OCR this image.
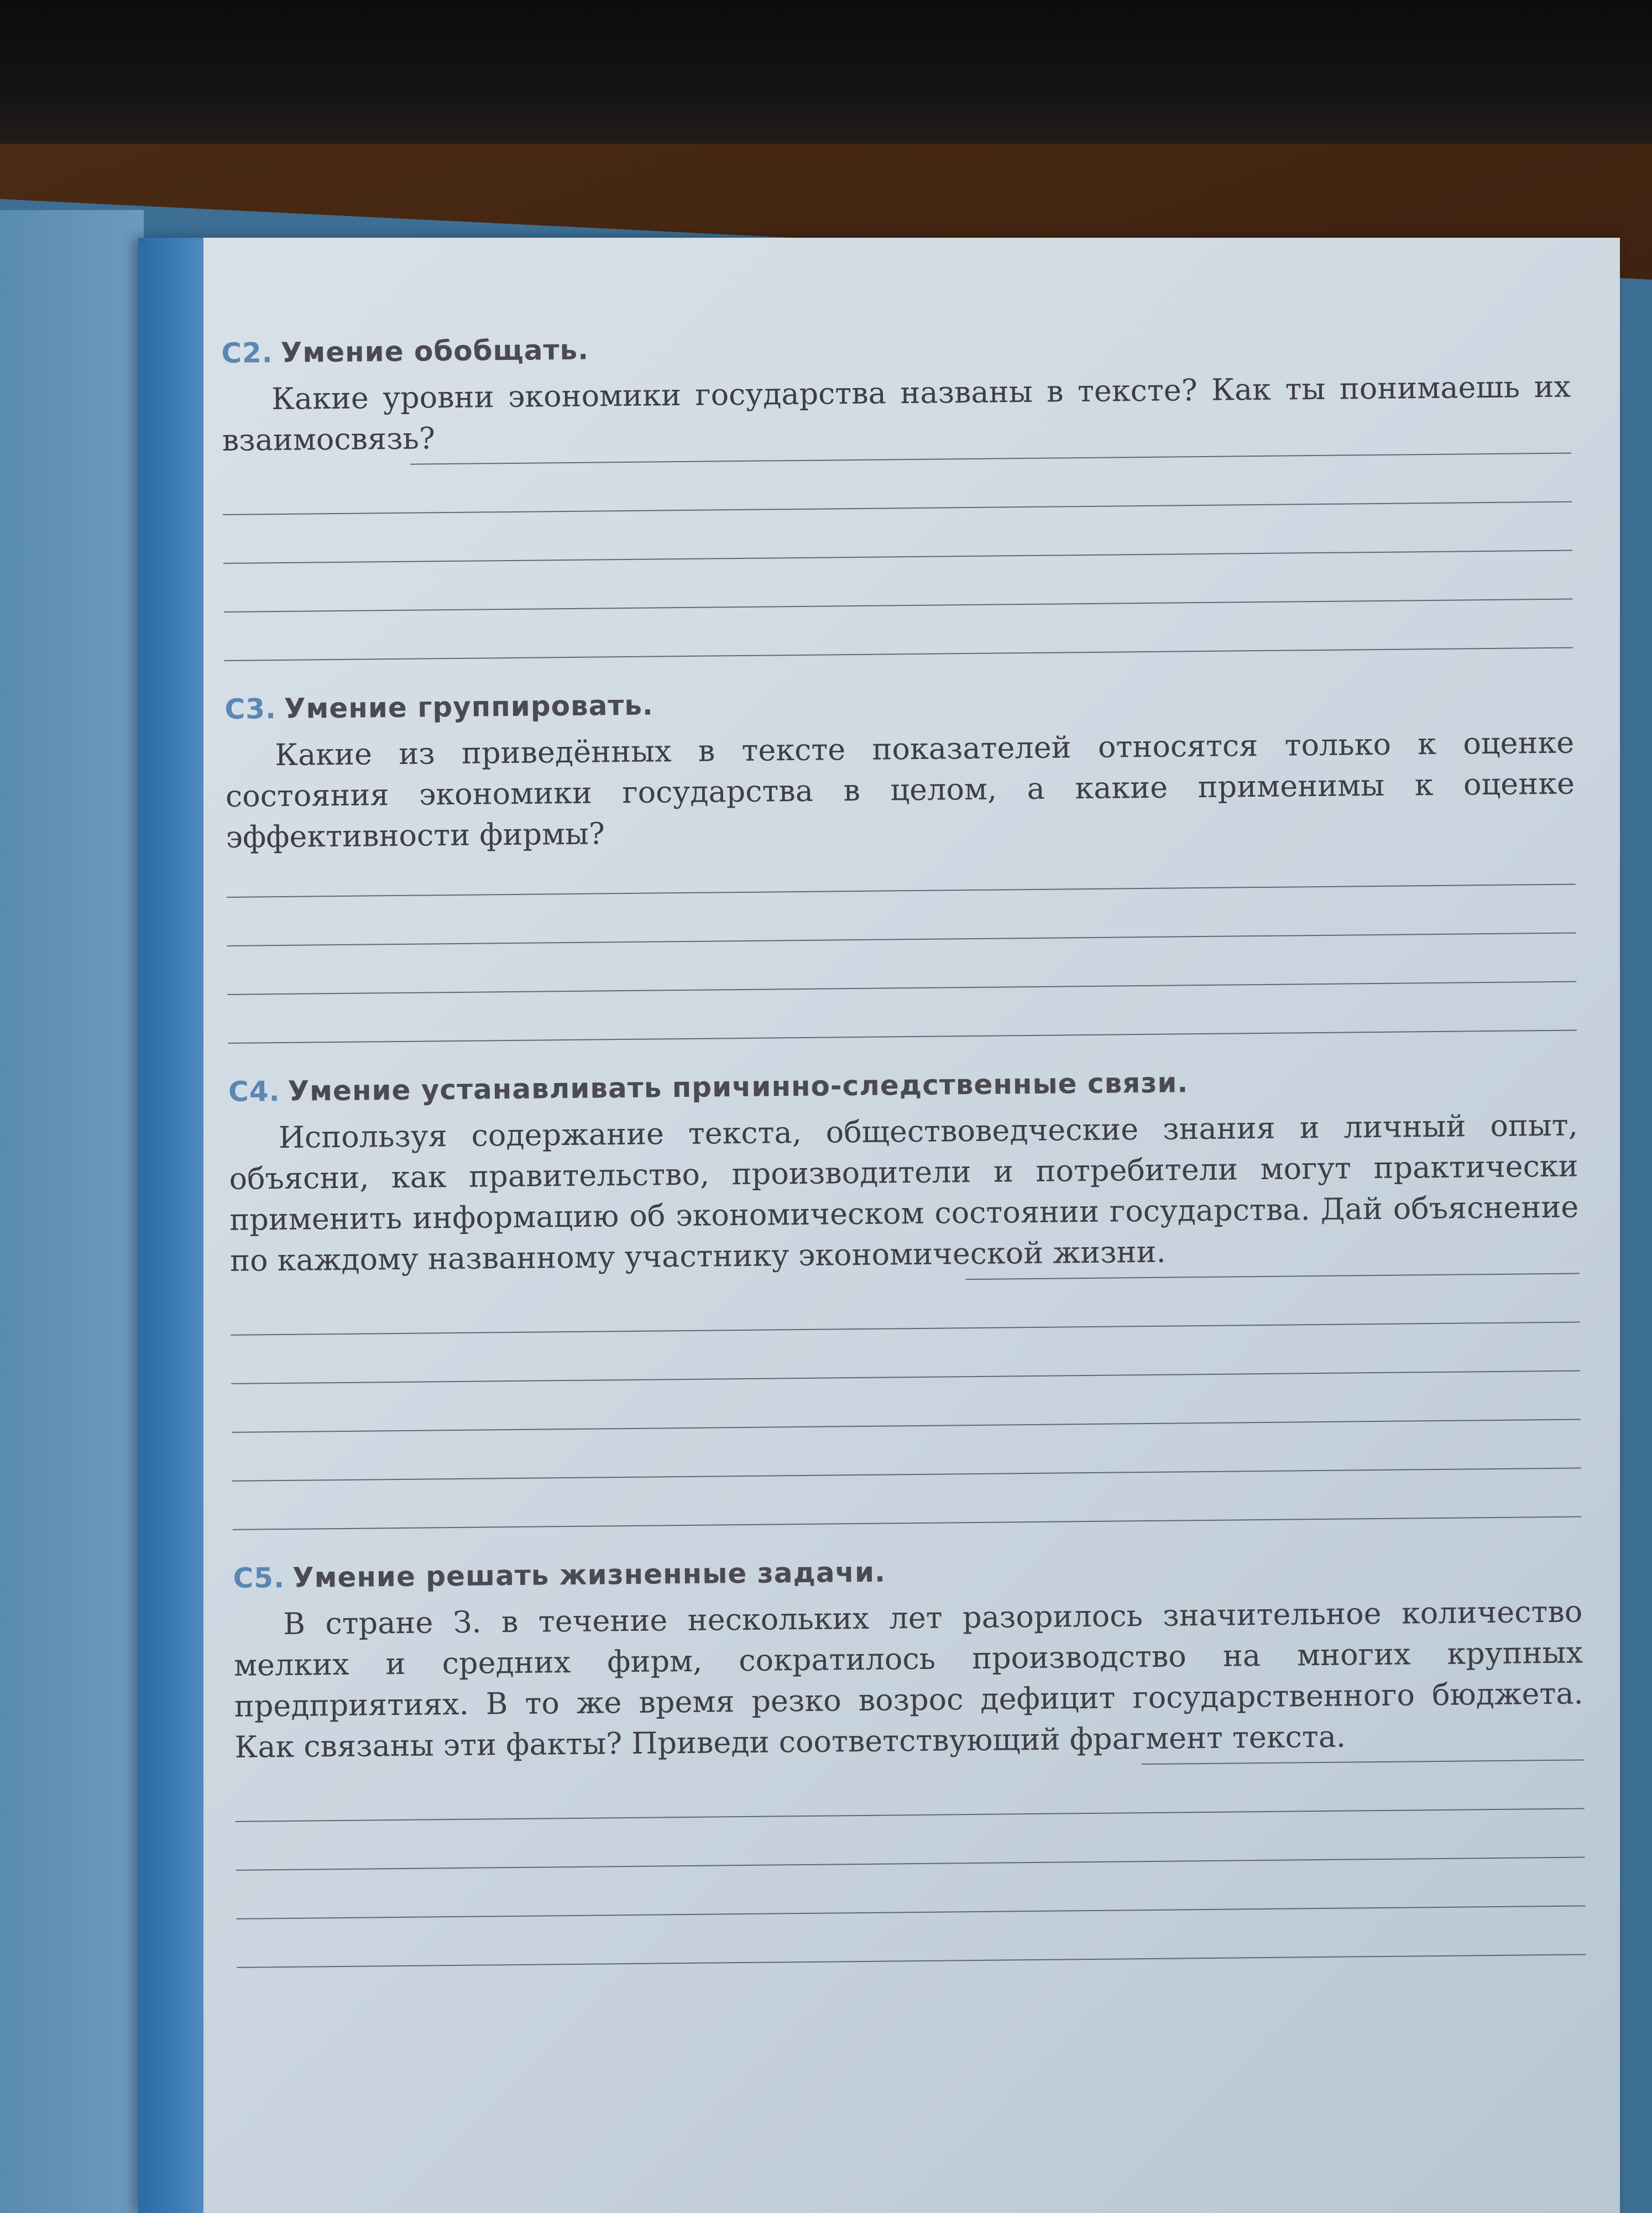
С2. Умение обобщать.

Какие уровни экономики государства названы в тексте? Как ты понимаешь их взаимосвязь?

С3. Умение группировать.

Какие из приведённых в тексте показателей относятся только к оценке состояния экономики государства в целом, а какие применимы к оценке эффективности фирмы?

С4. Умение устанавливать причинно-следственные связи.

Используя содержание текста, обществоведческие знания и личный опыт, объясни, как правительство, производители и потребители могут практически применить информацию об экономическом состоянии государства. Дай объяснение по каждому названному участнику экономической жизни.

С5. Умение решать жизненные задачи.

В стране З. в течение нескольких лет разорилось значительное количество мелких и средних фирм, сократилось производство на многих крупных предприятиях. В то же время резко возрос дефицит государственного бюджета. Как связаны эти факты? Приведи соответствующий фрагмент текста.
